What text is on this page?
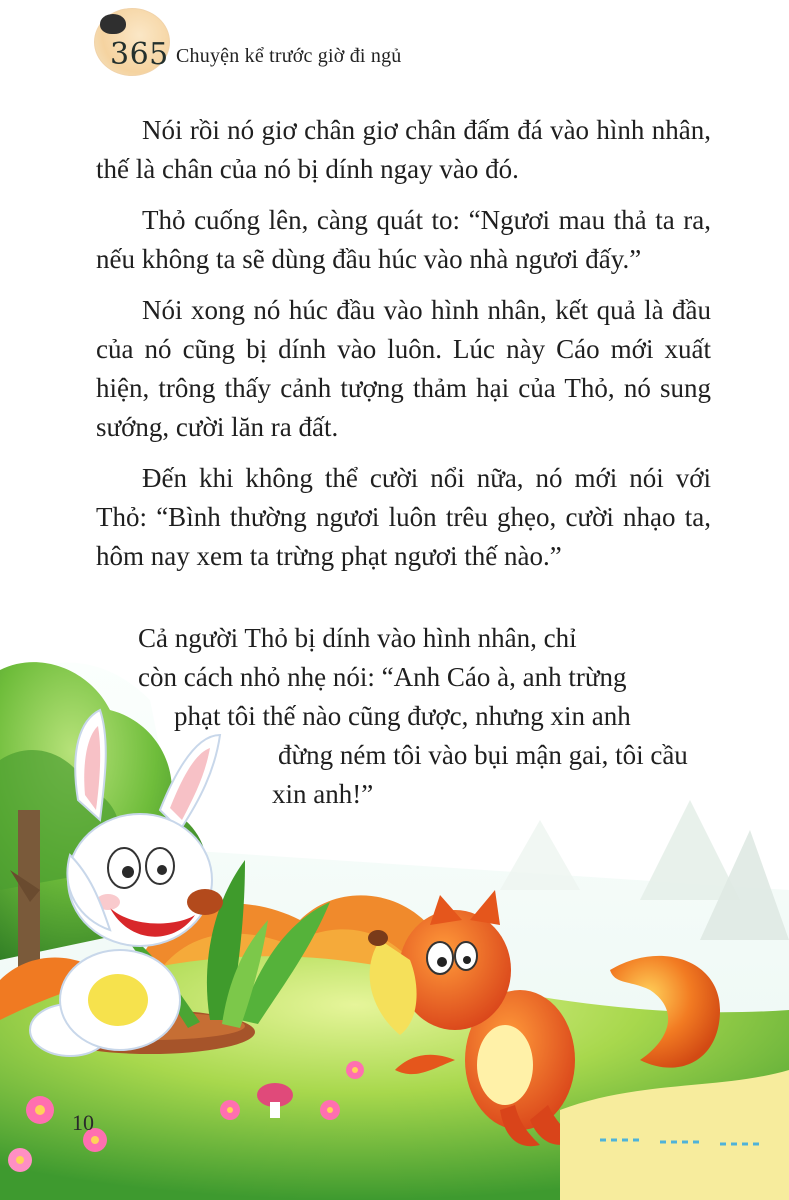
365 Chuyện kể trước giờ đi ngủ

Nói rồi nó giơ chân giơ chân đấm đá vào hình nhân, thế là chân của nó bị dính ngay vào đó.

Thỏ cuống lên, càng quát to: “Ngươi mau thả ta ra, nếu không ta sẽ dùng đầu húc vào nhà ngươi đấy.”

Nói xong nó húc đầu vào hình nhân, kết quả là đầu của nó cũng bị dính vào luôn. Lúc này Cáo mới xuất hiện, trông thấy cảnh tượng thảm hại của Thỏ, nó sung sướng, cười lăn ra đất.

Đến khi không thể cười nổi nữa, nó mới nói với Thỏ: “Bình thường ngươi luôn trêu ghẹo, cười nhạo ta, hôm nay xem ta trừng phạt ngươi thế nào.”

Cả người Thỏ bị dính vào hình nhân, chỉ
còn cách nhỏ nhẹ nói: “Anh Cáo à, anh trừng
phạt tôi thế nào cũng được, nhưng xin anh
đừng ném tôi vào bụi mận gai, tôi cầu
xin anh!”
10
